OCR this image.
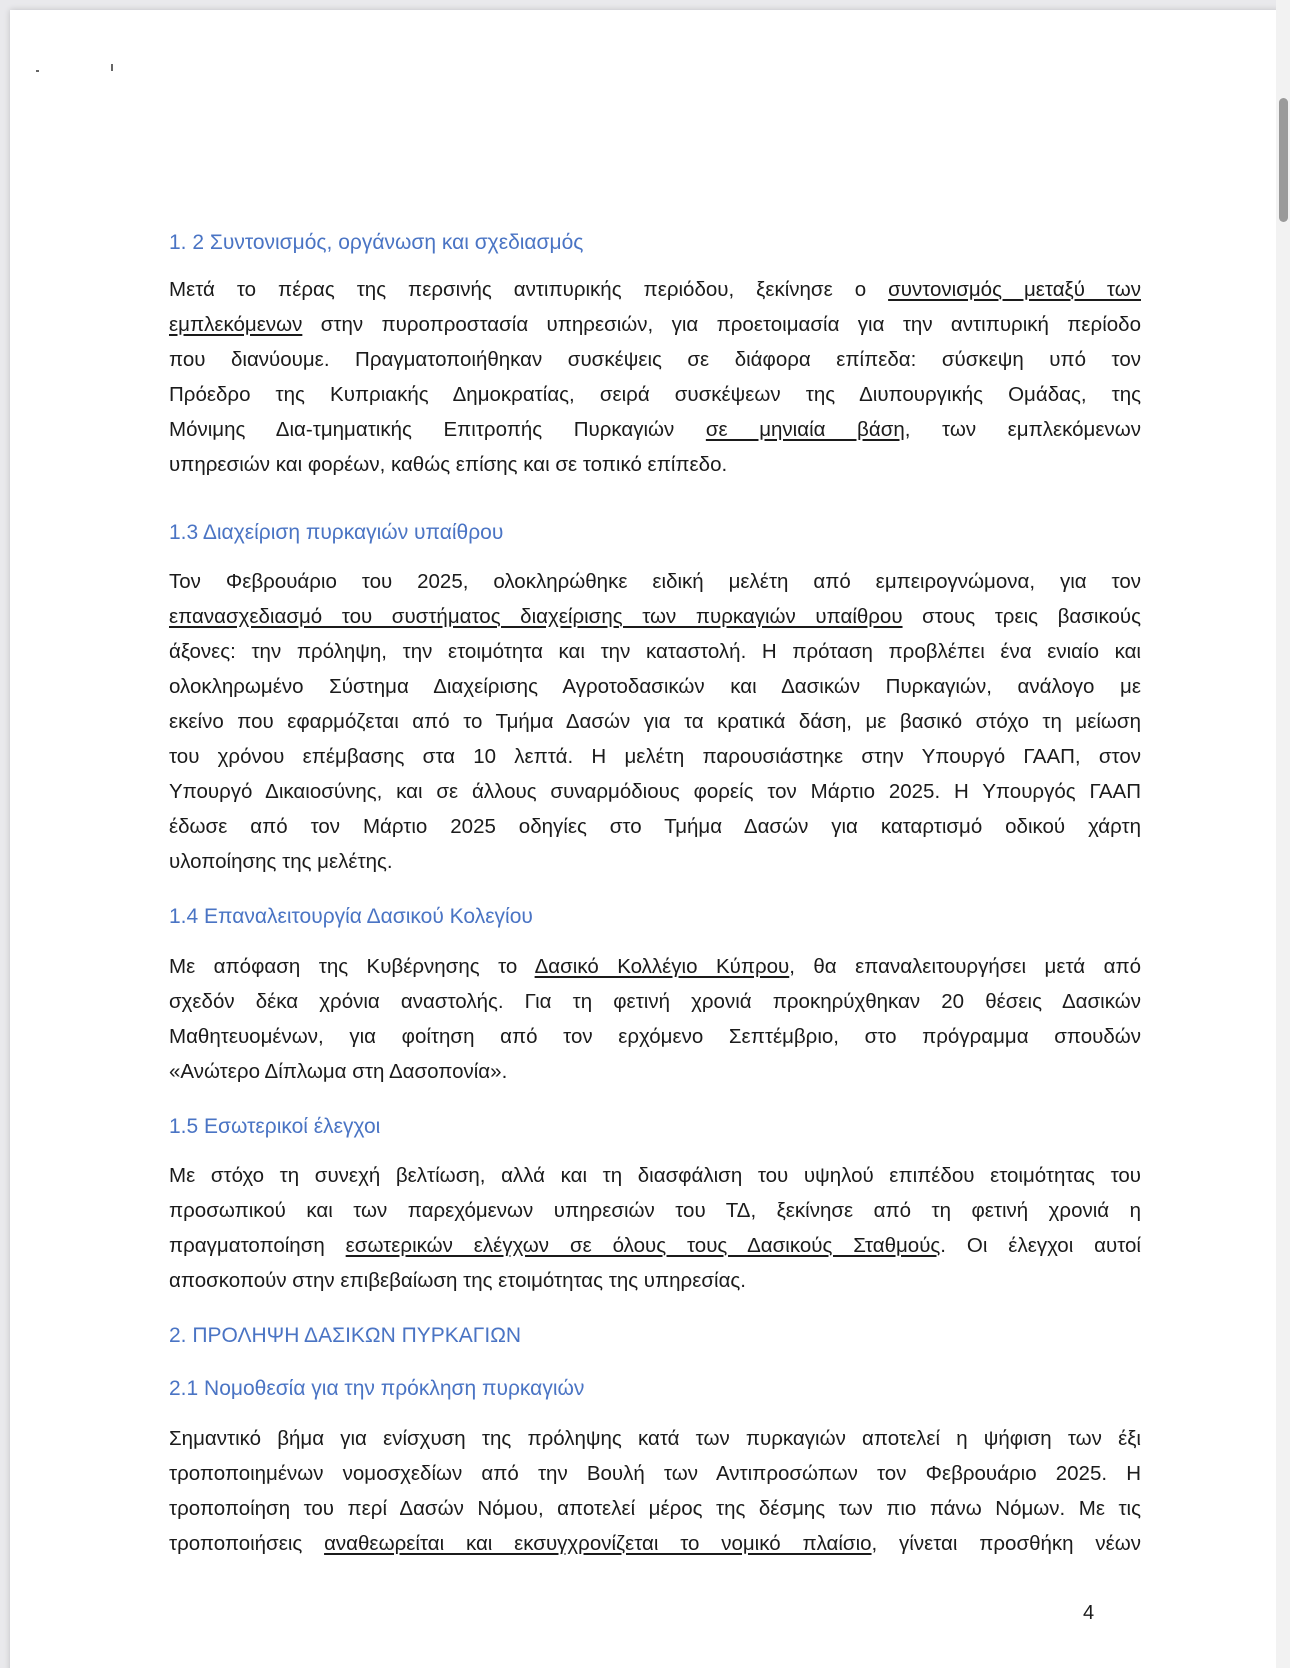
1. 2 Συντονισμός, οργάνωση και σχεδιασμός
Μετά το πέρας της περσινής αντιπυρικής περιόδου, ξεκίνησε ο συντονισμός μεταξύ των
εμπλεκόμενων στην πυροπροστασία υπηρεσιών, για προετοιμασία για την αντιπυρική περίοδο
που διανύουμε. Πραγματοποιήθηκαν συσκέψεις σε διάφορα επίπεδα: σύσκεψη υπό τον
Πρόεδρο της Κυπριακής Δημοκρατίας, σειρά συσκέψεων της Διυπουργικής Ομάδας, της
Μόνιμης Δια-τμηματικής Επιτροπής Πυρκαγιών σε μηνιαία βάση, των εμπλεκόμενων
υπηρεσιών και φορέων, καθώς επίσης και σε τοπικό επίπεδο.
1.3 Διαχείριση πυρκαγιών υπαίθρου
Τον Φεβρουάριο του 2025, ολοκληρώθηκε ειδική μελέτη από εμπειρογνώμονα, για τον
επανασχεδιασμό του συστήματος διαχείρισης των πυρκαγιών υπαίθρου στους τρεις βασικούς
άξονες: την πρόληψη, την ετοιμότητα και την καταστολή. Η πρόταση προβλέπει ένα ενιαίο και
ολοκληρωμένο Σύστημα Διαχείρισης Αγροτοδασικών και Δασικών Πυρκαγιών, ανάλογο με
εκείνο που εφαρμόζεται από το Τμήμα Δασών για τα κρατικά δάση, με βασικό στόχο τη μείωση
του χρόνου επέμβασης στα 10 λεπτά. Η μελέτη παρουσιάστηκε στην Υπουργό ΓΑΑΠ, στον
Υπουργό Δικαιοσύνης, και σε άλλους συναρμόδιους φορείς τον Μάρτιο 2025. Η Υπουργός ΓΑΑΠ
έδωσε από τον Μάρτιο 2025 οδηγίες στο Τμήμα Δασών για καταρτισμό οδικού χάρτη
υλοποίησης της μελέτης.
1.4 Επαναλειτουργία Δασικού Κολεγίου
Με απόφαση της Κυβέρνησης το Δασικό Κολλέγιο Κύπρου, θα επαναλειτουργήσει μετά από
σχεδόν δέκα χρόνια αναστολής. Για τη φετινή χρονιά προκηρύχθηκαν 20 θέσεις Δασικών
Μαθητευομένων, για φοίτηση από τον ερχόμενο Σεπτέμβριο, στο πρόγραμμα σπουδών
«Ανώτερο Δίπλωμα στη Δασοπονία».
1.5 Εσωτερικοί έλεγχοι
Με στόχο τη συνεχή βελτίωση, αλλά και τη διασφάλιση του υψηλού επιπέδου ετοιμότητας του
προσωπικού και των παρεχόμενων υπηρεσιών του ΤΔ, ξεκίνησε από τη φετινή χρονιά η
πραγματοποίηση εσωτερικών ελέγχων σε όλους τους Δασικούς Σταθμούς. Οι έλεγχοι αυτοί
αποσκοπούν στην επιβεβαίωση της ετοιμότητας της υπηρεσίας.
2. ΠΡΟΛΗΨΗ ΔΑΣΙΚΩΝ ΠΥΡΚΑΓΙΩΝ
2.1 Νομοθεσία για την πρόκληση πυρκαγιών
Σημαντικό βήμα για ενίσχυση της πρόληψης κατά των πυρκαγιών αποτελεί η ψήφιση των έξι
τροποποιημένων νομοσχεδίων από την Βουλή των Αντιπροσώπων τον Φεβρουάριο 2025. Η
τροποποίηση του περί Δασών Νόμου, αποτελεί μέρος της δέσμης των πιο πάνω Νόμων. Με τις
τροποποιήσεις αναθεωρείται και εκσυγχρονίζεται το νομικό πλαίσιο, γίνεται προσθήκη νέων
4
